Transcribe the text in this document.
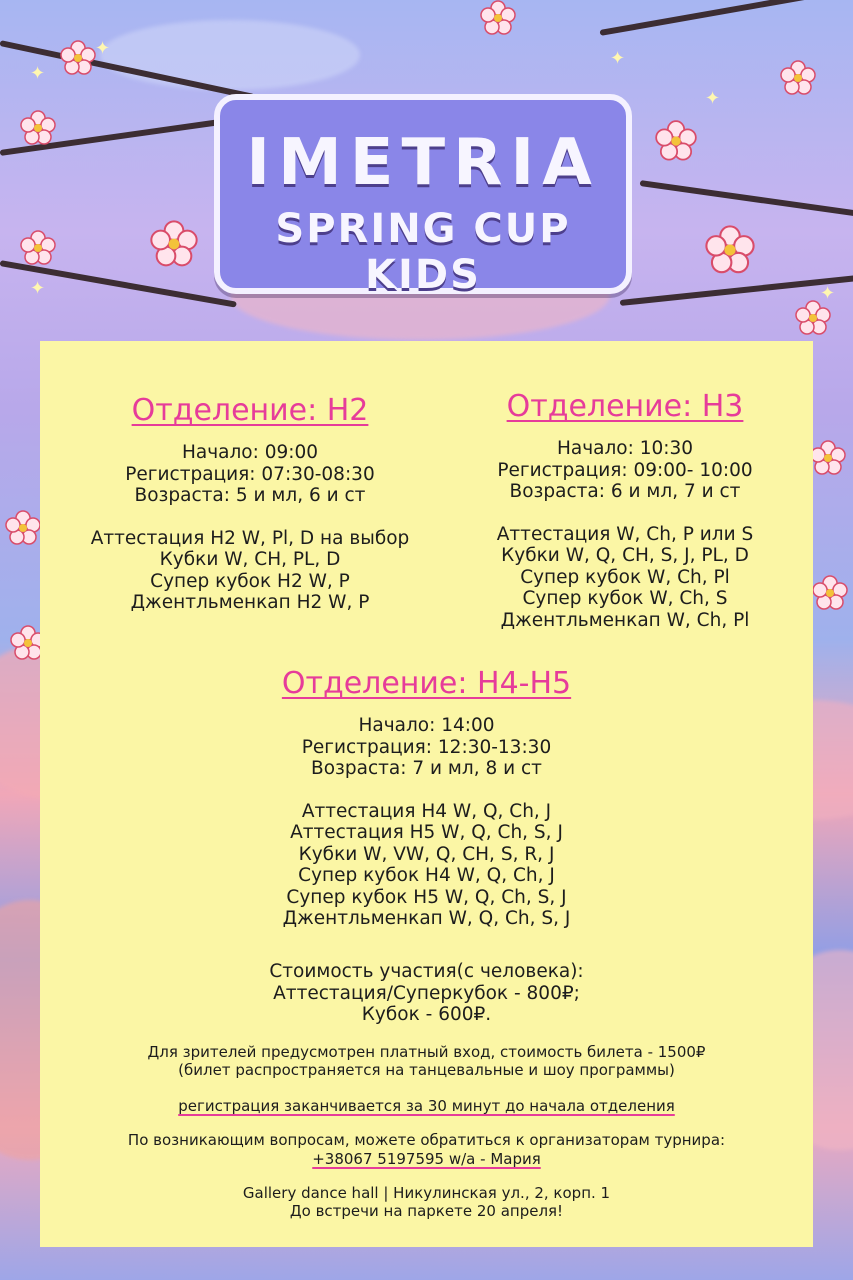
✦
✦	✦
✦
✦	✦
IMETRIA
SPRING CUP KIDS
Отделение: Н2
Начало: 09:00
Регистрация: 07:30-08:30
Возраста: 5 и мл, 6 и ст
Аттестация Н2 W, Pl, D на выбор
Кубки W, CH, PL, D
Супер кубок Н2 W, P
Джентльменкап Н2 W, P
Отделение: Н3
Начало: 10:30
Регистрация: 09:00- 10:00
Возраста: 6 и мл, 7 и ст
Аттестация W, Ch, P или S
Кубки W, Q, CH, S, J, PL, D
Супер кубок W, Ch, Pl
Супер кубок W, Ch, S
Джентльменкап W, Ch, Pl
Отделение: Н4-Н5
Начало: 14:00
Регистрация: 12:30-13:30
Возраста: 7 и мл, 8 и ст
Аттестация Н4 W, Q, Ch, J
Аттестация Н5 W, Q, Ch, S, J
Кубки W, VW, Q, CH, S, R, J
Супер кубок Н4 W, Q, Ch, J
Супер кубок Н5 W, Q, Ch, S, J
Джентльменкап W, Q, Ch, S, J
Стоимость участия(с человека):
Аттестация/Суперкубок - 800₽;
Кубок - 600₽.
Для зрителей предусмотрен платный вход, стоимость билета - 1500₽
(билет распространяется на танцевальные и шоу программы)
регистрация заканчивается за 30 минут до начала отделения
По возникающим вопросам, можете обратиться к организаторам турнира:
+38067 5197595 w/a - Мария
Gallery dance hall | Никулинская ул., 2, корп. 1
До встречи на паркете 20 апреля!
